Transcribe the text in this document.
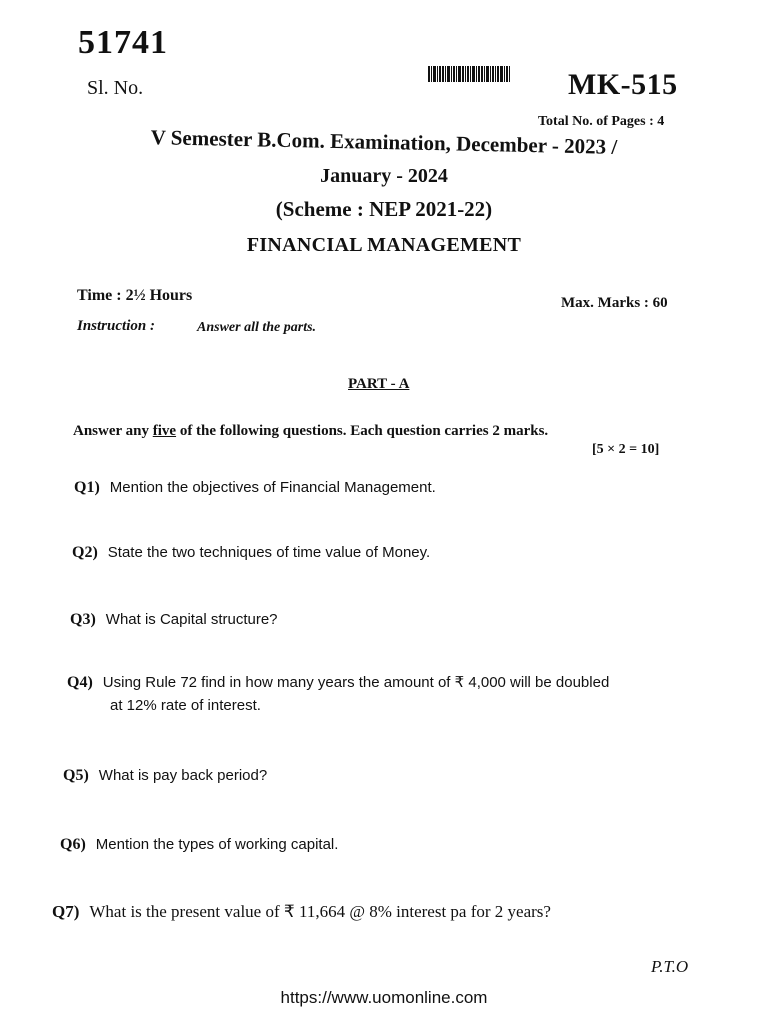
51741
Sl. No.	MK-515
Total No. of Pages : 4
V Semester B.Com. Examination, December - 2023 /
January - 2024
(Scheme : NEP 2021-22)
FINANCIAL MANAGEMENT
Time : 2½ Hours	Max. Marks : 60
Instruction :	Answer all the parts.
PART - A
Answer any five of the following questions. Each question carries 2 marks.
[5 × 2 = 10]
Q1) Mention the objectives of Financial Management.
Q2) State the two techniques of time value of Money.
Q3) What is Capital structure?
Q4) Using Rule 72 find in how many years the amount of ₹ 4,000 will be doubled
at 12% rate of interest.
Q5) What is pay back period?
Q6) Mention the types of working capital.
Q7) What is the present value of ₹ 11,664 @ 8% interest pa for 2 years?
P.T.O
https://www.uomonline.com
